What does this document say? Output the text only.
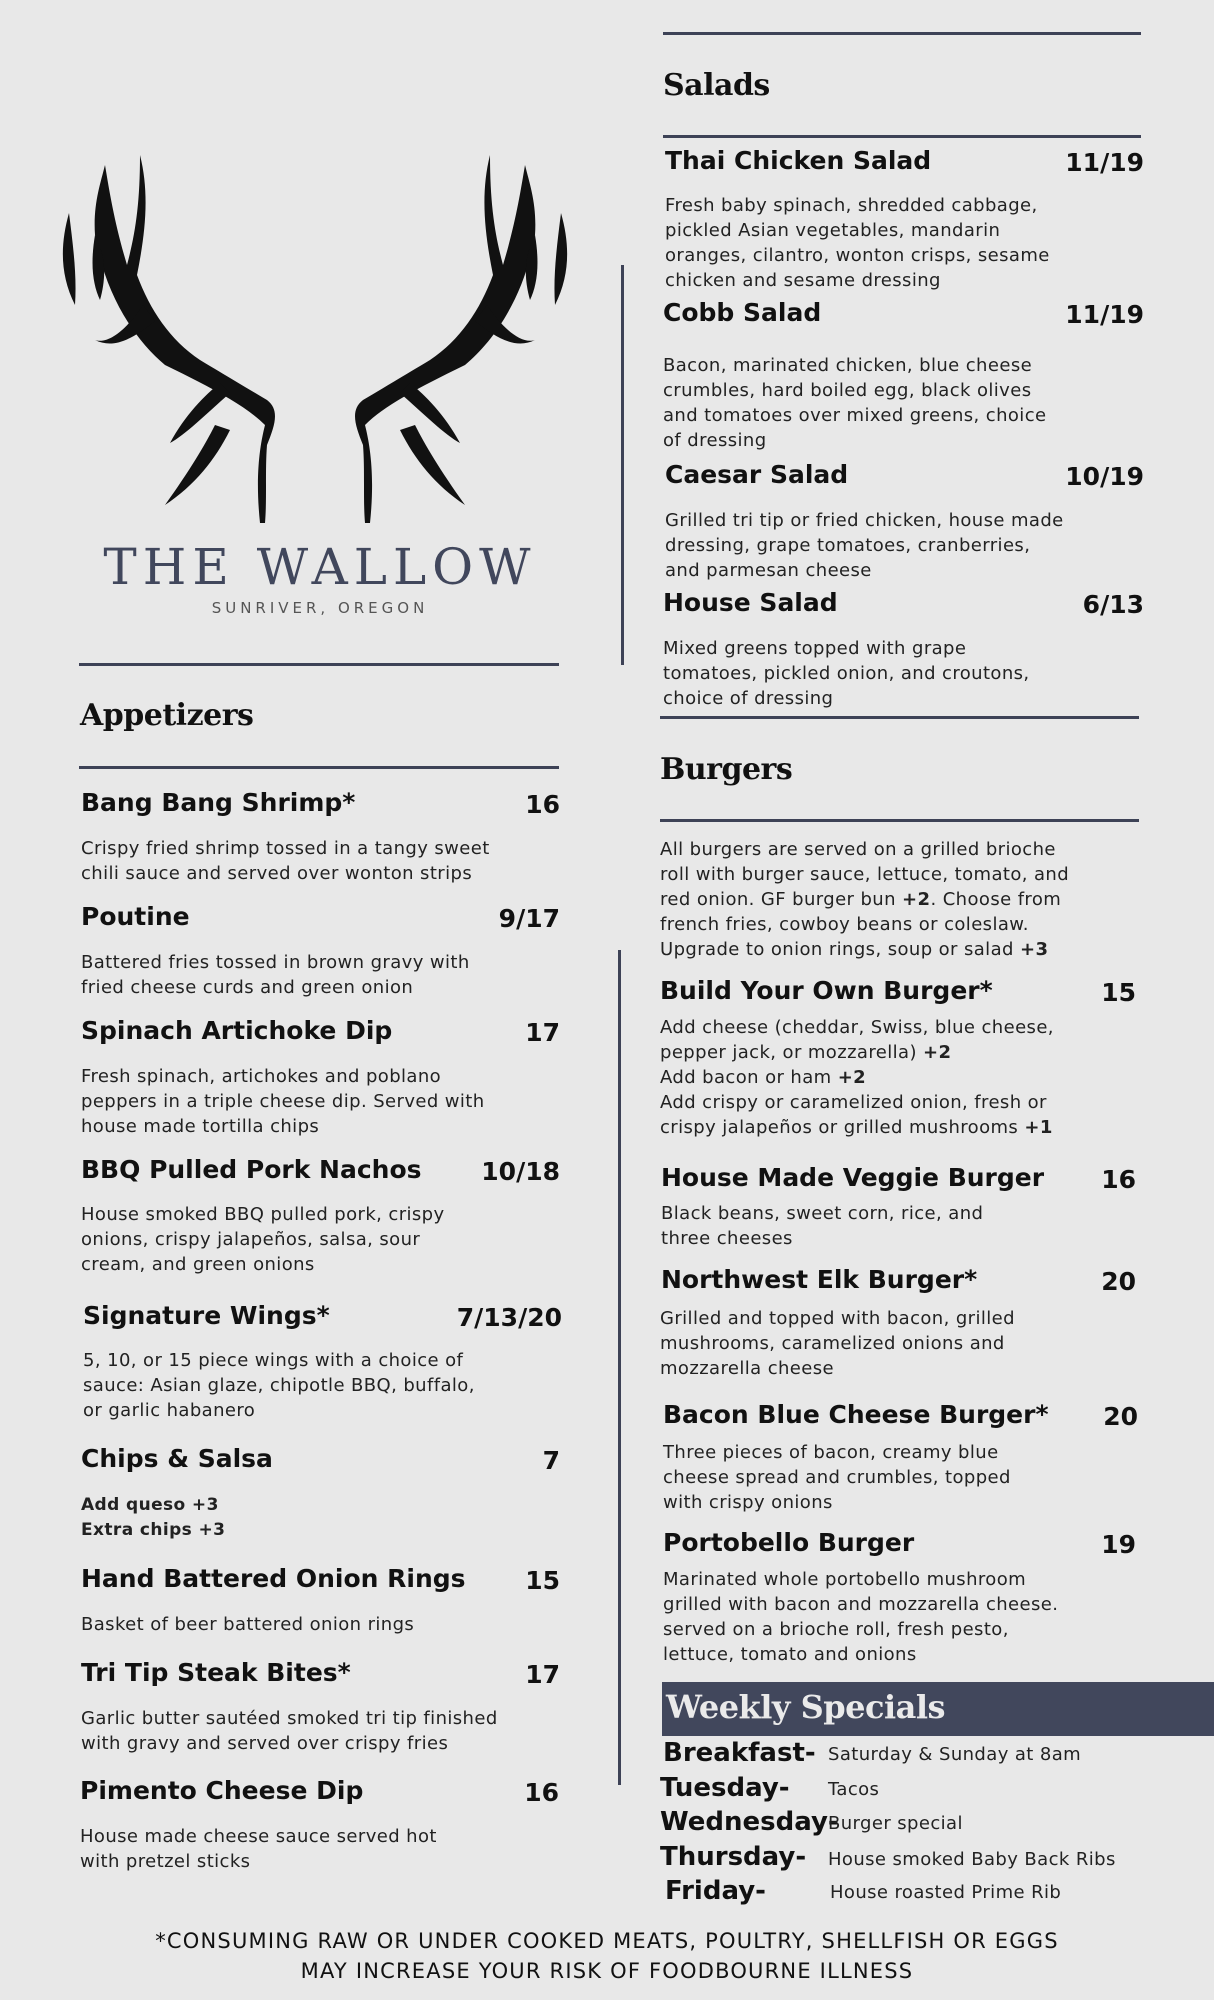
THE WALLOW
SUNRIVER, OREGON
Appetizers
Bang Bang Shrimp*	16
Crispy fried shrimp tossed in a tangy sweet
chili sauce and served over wonton strips
Poutine	9/17
Battered fries tossed in brown gravy with
fried cheese curds and green onion
Spinach Artichoke Dip	17
Fresh spinach, artichokes and poblano
peppers in a triple cheese dip. Served with
house made tortilla chips
BBQ Pulled Pork Nachos 10/18
House smoked BBQ pulled pork, crispy
onions, crispy jalapeños, salsa, sour
cream, and green onions
Signature Wings*	7/13/20
5, 10, or 15 piece wings with a choice of
sauce: Asian glaze, chipotle BBQ, buffalo,
or garlic habanero
Chips & Salsa	7
Add queso +3
Extra chips +3
Hand Battered Onion Rings 15
Basket of beer battered onion rings
Tri Tip Steak Bites*	17
Garlic butter sautéed smoked tri tip finished
with gravy and served over crispy fries
Pimento Cheese Dip	16
House made cheese sauce served hot
with pretzel sticks
Salads
Thai Chicken Salad	11/19
Fresh baby spinach, shredded cabbage,
pickled Asian vegetables, mandarin
oranges, cilantro, wonton crisps, sesame
chicken and sesame dressing
Cobb Salad	11/19
Bacon, marinated chicken, blue cheese
crumbles, hard boiled egg, black olives
and tomatoes over mixed greens, choice
of dressing
Caesar Salad	10/19
Grilled tri tip or fried chicken, house made
dressing, grape tomatoes, cranberries,
and parmesan cheese
House Salad	6/13
Mixed greens topped with grape
tomatoes, pickled onion, and croutons,
choice of dressing
Burgers
All burgers are served on a grilled brioche
roll with burger sauce, lettuce, tomato, and
red onion. GF burger bun +2. Choose from
french fries, cowboy beans or coleslaw.
Upgrade to onion rings, soup or salad +3
Build Your Own Burger*	15
Add cheese (cheddar, Swiss, blue cheese,
pepper jack, or mozzarella) +2
Add bacon or ham +2
Add crispy or caramelized onion, fresh or
crispy jalapeños or grilled mushrooms +1
House Made Veggie Burger 16
Black beans, sweet corn, rice, and
three cheeses
Northwest Elk Burger*	20
Grilled and topped with bacon, grilled
mushrooms, caramelized onions and
mozzarella cheese
Bacon Blue Cheese Burger* 20
Three pieces of bacon, creamy blue
cheese spread and crumbles, topped
with crispy onions
Portobello Burger	19
Marinated whole portobello mushroom
grilled with bacon and mozzarella cheese.
served on a brioche roll, fresh pesto,
lettuce, tomato and onions
Weekly Specials
Breakfast- Saturday & Sunday at 8am
Tuesday- Tacos
Wednesday-
Burger special
Thursday- House smoked Baby Back Ribs
Friday-	House roasted Prime Rib
*CONSUMING RAW OR UNDER COOKED MEATS, POULTRY, SHELLFISH OR EGGS
MAY INCREASE YOUR RISK OF FOODBOURNE ILLNESS
